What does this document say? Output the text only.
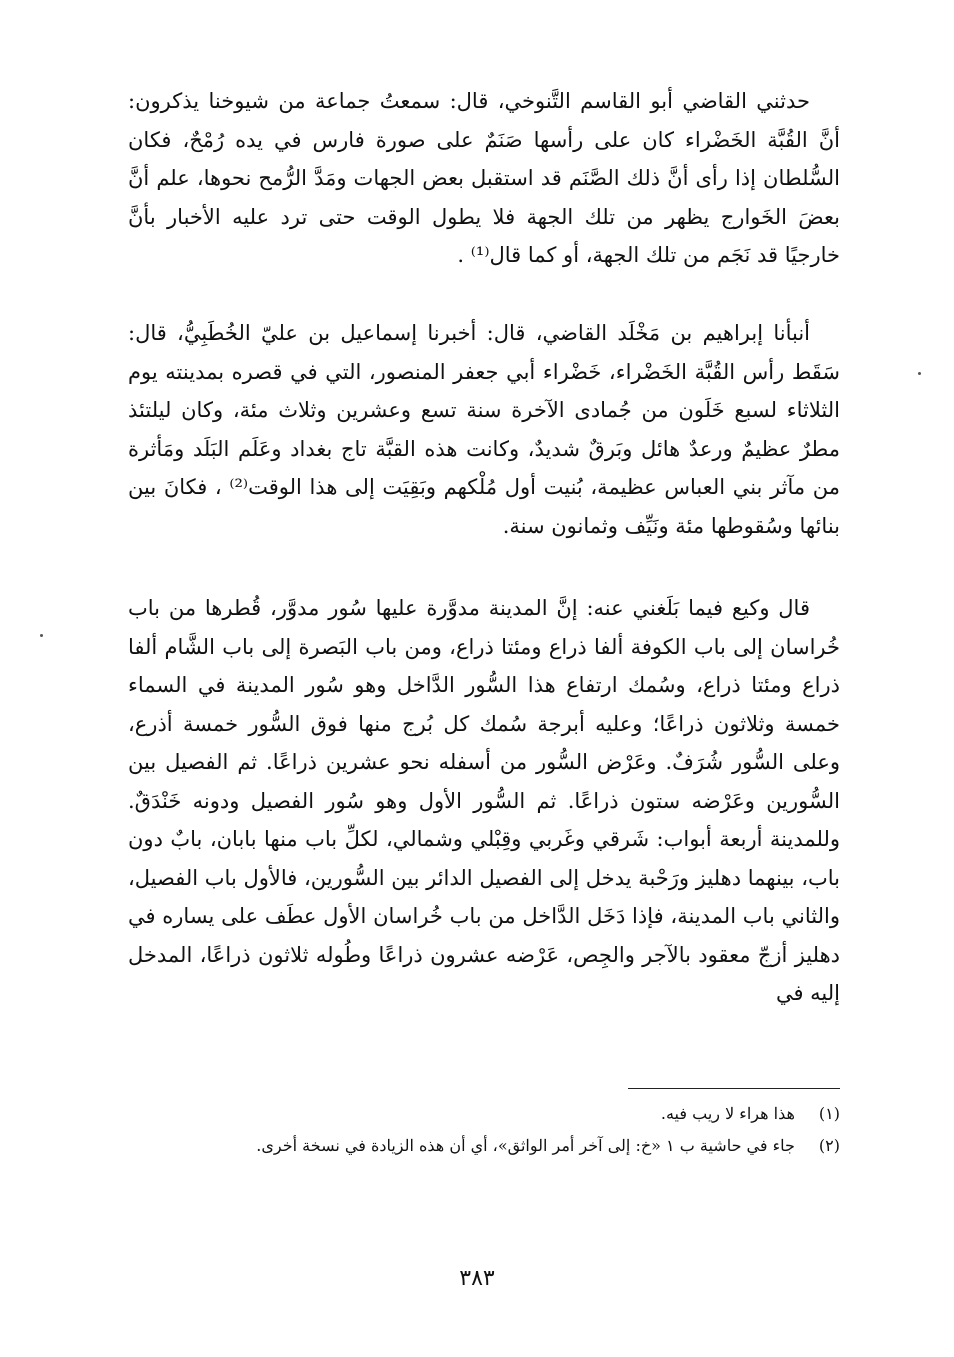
حدثني القاضي أبو القاسم التَّنوخي، قال: سمعتُ جماعة من شيوخنا يذكرون: أنَّ القُبَّة الخَضْراء كان على رأسها صَنَمٌ على صورة فارس في يده رُمْحٌ، فكان السُّلطان إذا رأى أنَّ ذلك الصَّنَم قد استقبل بعض الجهات ومَدَّ الرُّمح نحوها، علم أنَّ بعضَ الخَوارج يظهر من تلك الجهة فلا يطول الوقت حتى ترد عليه الأخبار بأنَّ خارجيًا قد نَجَم من تلك الجهة، أو كما قال⁽¹⁾ .

أنبأنا إبراهيم بن مَخْلَد القاضي، قال: أخبرنا إسماعيل بن عليّ الخُطَبِيُّ، قال: سَقَط رأس القُبَّة الخَضْراء، خَضْراء أبي جعفر المنصور، التي في قصره بمدينته يوم الثلاثاء لسبع خَلَون من جُمادى الآخرة سنة تسع وعشرين وثلاث مئة، وكان ليلتئذ مطرٌ عظيمٌ ورعدٌ هائل وبَرقٌ شديدٌ، وكانت هذه القبَّة تاج بغداد وعَلَم البَلَد ومَأثرة من مآثر بني العباس عظيمة، بُنيت أول مُلْكهم وبَقِيَت إلى هذا الوقت⁽²⁾ ، فكانَ بين بنائها وسُقوطها مئة ونَيِّف وثمانون سنة.

قال وكيع فيما بَلَغني عنه: إنَّ المدينة مدوَّرة عليها سُور مدوَّر، قُطرها من باب خُراسان إلى باب الكوفة ألفا ذراع ومئتا ذراع، ومن باب البَصرة إلى باب الشَّام ألفا ذراع ومئتا ذراع، وسُمك ارتفاع هذا السُّور الدَّاخل وهو سُور المدينة في السماء خمسة وثلاثون ذراعًا؛ وعليه أبرجة سُمك كل بُرج منها فوق السُّور خمسة أذرع، وعلى السُّور شُرَفٌ. وعَرْض السُّور من أسفله نحو عشرين ذراعًا. ثم الفصيل بين السُّورين وعَرْضه ستون ذراعًا. ثم السُّور الأول وهو سُور الفصيل ودونه خَنْدَقٌ. وللمدينة أربعة أبواب: شَرقي وغَربي وقِبْلي وشمالي، لكلِّ باب منها بابان، بابٌ دون باب، بينهما دهليز ورَحْبة يدخل إلى الفصيل الدائر بين السُّورين، فالأول باب الفصيل، والثاني باب المدينة، فإذا دَخَل الدَّاخل من باب خُراسان الأول عطَف على يساره في دهليز أزجّ معقود بالآجر والجِص، عَرْضه عشرون ذراعًا وطُوله ثلاثون ذراعًا، المدخل إليه في

(١) هذا هراء لا ريب فيه.
(٢) جاء في حاشية ب ١ «خ: إلى آخر أمر الواثق»، أي أن هذه الزيادة في نسخة أخرى.
٣٨٣
